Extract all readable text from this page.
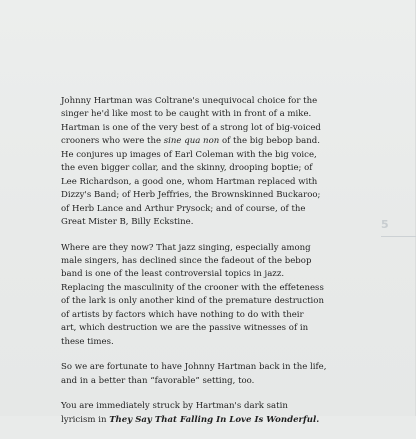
Johnny Hartman was Coltrane's unequivocal choice for the
singer he'd like most to be caught with in front of a mike.
Hartman is one of the very best of a strong lot of big-voiced
crooners who were the sine qua non of the big bebop band.
He conjures up images of Earl Coleman with the big voice,
the even bigger collar, and the skinny, drooping boptie; of
Lee Richardson, a good one, whom Hartman replaced with
Dizzy's Band; of Herb Jeffries, the Brownskinned Buckaroo;
of Herb Lance and Arthur Prysock; and of course, of the
Great Mister B, Billy Eckstine.

Where are they now? That jazz singing, especially among
male singers, has declined since the fadeout of the bebop
band is one of the least controversial topics in jazz.
Replacing the masculinity of the crooner with the effeteness
of the lark is only another kind of the premature destruction
of artists by factors which have nothing to do with their
art, which destruction we are the passive witnesses of in
these times.

So we are fortunate to have Johnny Hartman back in the life,
and in a better than “favorable” setting, too.

You are immediately struck by Hartman's dark satin
lyricism in They Say That Falling In Love Is Wonderful.

5
